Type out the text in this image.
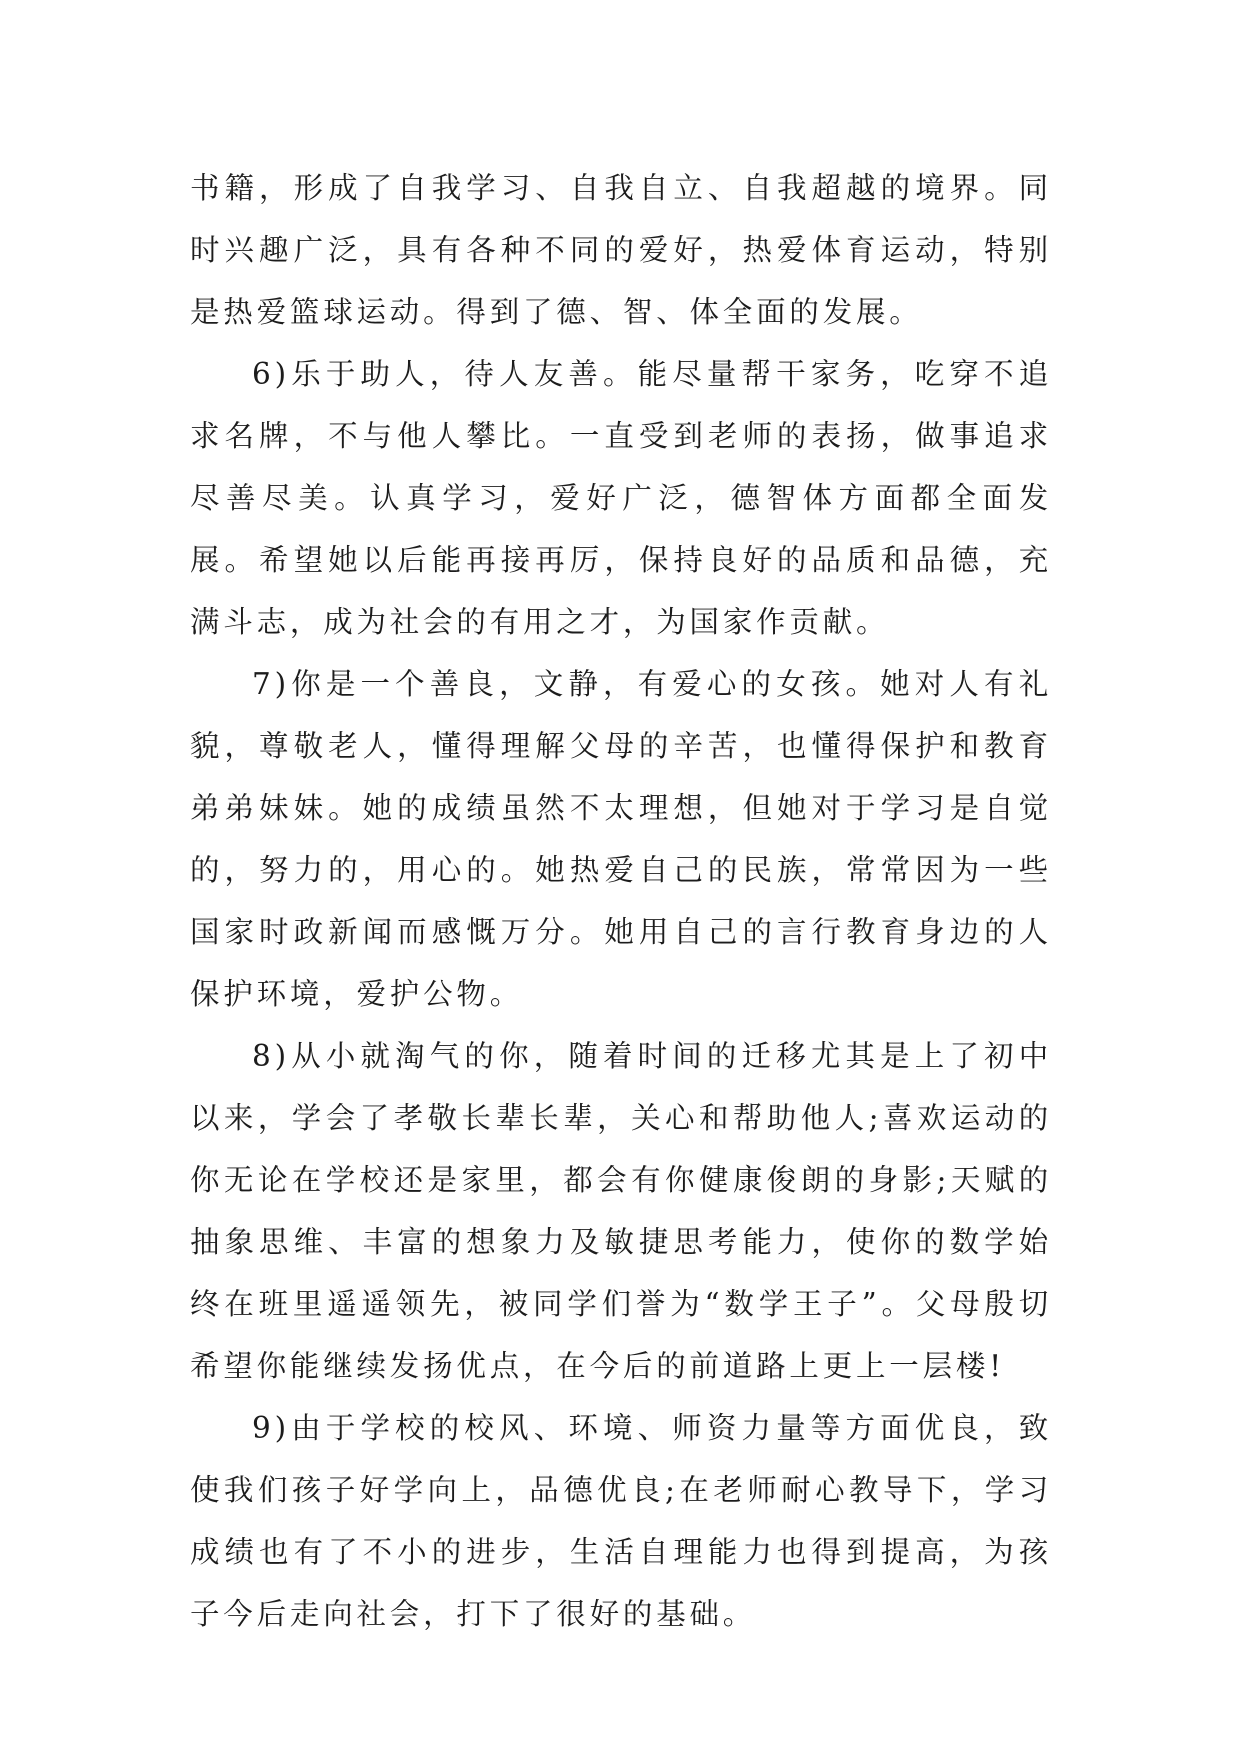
书籍，形成了自我学习、自我自立、自我超越的境界。同时兴趣广泛，具有各种不同的爱好，热爱体育运动，特别是热爱篮球运动。得到了德、智、体全面的发展。

6)乐于助人，待人友善。能尽量帮干家务，吃穿不追求名牌，不与他人攀比。一直受到老师的表扬，做事追求尽善尽美。认真学习，爱好广泛，德智体方面都全面发展。希望她以后能再接再厉，保持良好的品质和品德，充满斗志，成为社会的有用之才，为国家作贡献。

7)你是一个善良，文静，有爱心的女孩。她对人有礼貌，尊敬老人，懂得理解父母的辛苦，也懂得保护和教育弟弟妹妹。她的成绩虽然不太理想，但她对于学习是自觉的，努力的，用心的。她热爱自己的民族，常常因为一些国家时政新闻而感慨万分。她用自己的言行教育身边的人保护环境，爱护公物。

8)从小就淘气的你，随着时间的迁移尤其是上了初中以来，学会了孝敬长辈长辈，关心和帮助他人;喜欢运动的你无论在学校还是家里，都会有你健康俊朗的身影;天赋的抽象思维、丰富的想象力及敏捷思考能力，使你的数学始终在班里遥遥领先，被同学们誉为“数学王子”。父母殷切希望你能继续发扬优点，在今后的前道路上更上一层楼!

9)由于学校的校风、环境、师资力量等方面优良，致使我们孩子好学向上，品德优良;在老师耐心教导下，学习成绩也有了不小的进步，生活自理能力也得到提高，为孩子今后走向社会，打下了很好的基础。
